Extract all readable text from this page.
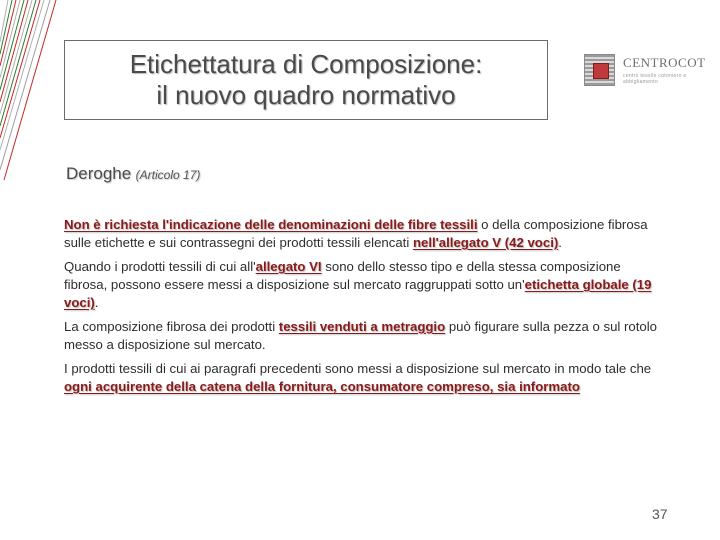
Etichettatura di Composizione:
il nuovo quadro normativo
CENTROCOT
centro tessile cotoniero e abbigliamento
Deroghe (Articolo 17)

Non è richiesta l'indicazione delle denominazioni delle fibre tessili o della composizione fibrosa sulle etichette e sui contrassegni dei prodotti tessili elencati nell'allegato V (42 voci).

Quando i prodotti tessili di cui all'allegato VI sono dello stesso tipo e della stessa composizione fibrosa, possono essere messi a disposizione sul mercato raggruppati sotto un'etichetta globale (19 voci).

La composizione fibrosa dei prodotti tessili venduti a metraggio può figurare sulla pezza o sul rotolo messo a disposizione sul mercato.

I prodotti tessili di cui ai paragrafi precedenti sono messi a disposizione sul mercato in modo tale che ogni acquirente della catena della fornitura, consumatore compreso, sia informato

37
